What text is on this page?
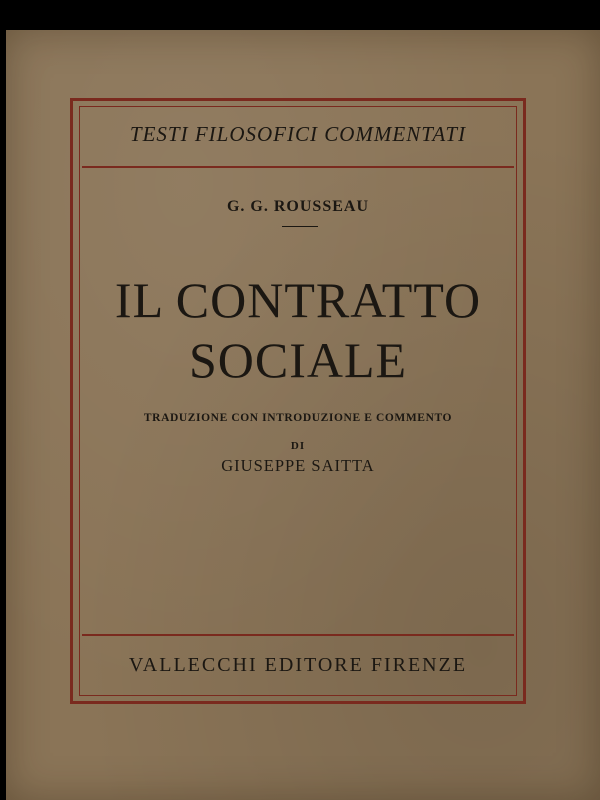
TESTI FILOSOFICI COMMENTATI
G. G. ROUSSEAU
IL CONTRATTO
SOCIALE
TRADUZIONE CON INTRODUZIONE E COMMENTO
DI
GIUSEPPE SAITTA
VALLECCHI EDITORE FIRENZE
